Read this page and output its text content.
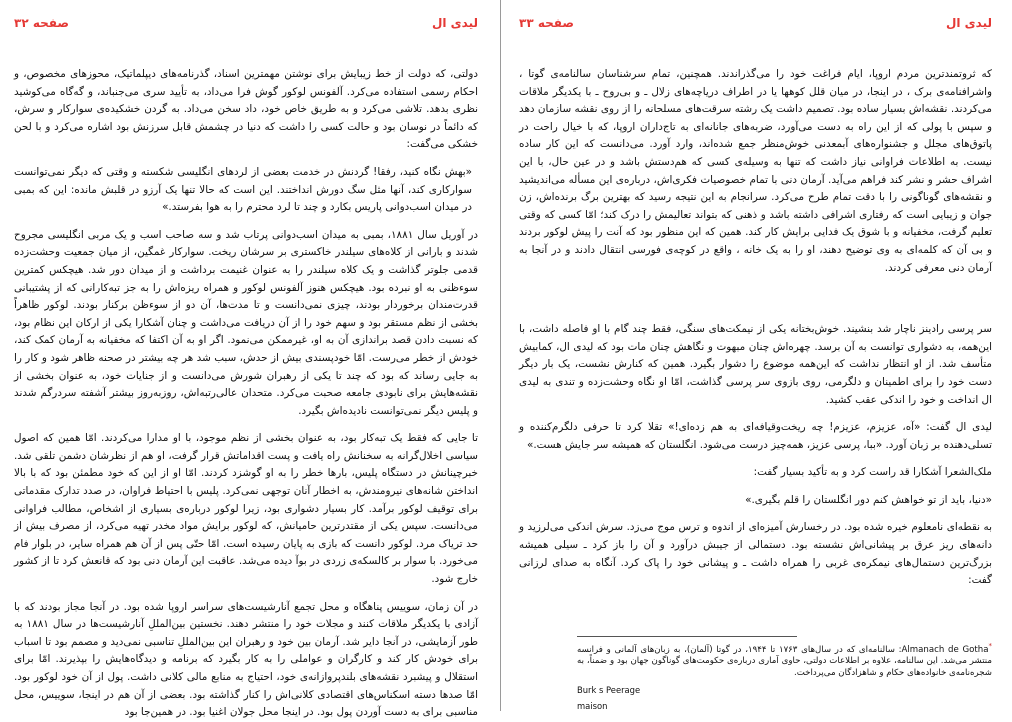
لیدی ال
صفحه ۳۲

دولتی، که دولت از خط زیبایش برای نوشتن مهمترین اسناد، گذرنامه‌های دیپلماتیک، محوزهای مخصوص، و احکام رسمی استفاده می‌کرد. آلفونس لوکور گوش فرا می‌داد، به تأیید سری می‌جنباند، و گه‌گاه می‌کوشید نظری بدهد. تلاشی می‌کرد و به طریق خاص خود، داد سخن می‌داد. به گردن خشکیده‌ی سوارکار و سرش، که دائماً در نوسان بود و حالت کسی را داشت که دنیا در چشمش قابل سرزنش بود اشاره می‌کرد و با لحن خشکی می‌گفت:

«بهش نگاه کنید، رفقا! گردنش در خدمت بعضی از لردهای انگلیسی شکسته و وقتی که دیگر نمی‌توانست سوارکاری کند، آنها مثل سگ دورش انداختند. این است که حالا تنها یک آرزو در قلبش مانده: این که بمبی در میدان اسب‌دوانی پاریس بکارد و چند تا لرد محترم را به هوا بفرستد.»

در آوریل سال ۱۸۸۱، بمبی به میدان اسب‌دوانی پرتاب شد و سه صاحب اسب و یک مربی انگلیسی مجروح شدند و بارانی از کلاه‌های سیلندر خاکستری بر سرشان ریخت. سوارکار غمگین، از میان جمعیت وحشت‌زده قدمی جلوتر گذاشت و یک کلاه سیلندر را به عنوان غنیمت برداشت و از میدان دور شد. هیچکس کمترین سوءظنی به او نبرده بود. هیچکس هنوز آلفونس لوکور و همراه ریزه‌اش را به جز تبه‌کارانی که از پشتیبانی قدرت‌مندان برخوردار بودند، چیزی نمی‌دانست و تا مدت‌ها، آن دو از سوءظن برکنار بودند. لوکور ظاهراً بخشی از نظم مستقر بود و سهم خود را از آن دریافت می‌داشت و چنان آشکارا یکی از ارکان این نظام بود، که نسبت دادن قصد براندازی آن به او، غیرممکن می‌نمود. اگر او به آن اکتفا که مخفیانه به آرمان کمک کند، خودش از خطر می‌رست. امّا خودپسندی بیش از حدش، سبب شد هر چه بیشتر در صحنه ظاهر شود و کار را به جایی رساند که بود که چند تا یکی از رهبران شورش می‌دانست و از جنایات خود، به عنوان بخشی از نقشه‌هایش برای نابودی جامعه صحبت می‌کرد. متحدان عالی‌رتبه‌اش، روزبه‌روز بیشتر آشفته سردرگم شدند و پلیس دیگر نمی‌توانست نادیده‌اش بگیرد.

تا جایی که فقط یک تبه‌کار بود، به عنوان بخشی از نظم موجود، با او مدارا می‌کردند. امّا همین که اصول سیاسی اخلال‌گرانه به سخنانش راه یافت و پست اقداماتش قرار گرفت، او هم از نظرشان دشمن تلقی شد. خبرچینانش در دستگاه پلیس، بارها خطر را به او گوشزد کردند. امّا او از این که خود مطمئن بود که با بالا انداختن شانه‌های نیرومندش، به اخطار آنان توجهی نمی‌کرد. پلیس با احتیاط فراوان، در صدد تدارک مقدماتی برای توقیف لوکور برآمد. کار بسیار دشواری بود، زیرا لوکور درباره‌ی بسیاری از اشخاص، مطالب فراوانی می‌دانست. سپس یکی از مقتدرترین حامیانش، که لوکور برایش مواد مخدر تهیه می‌کرد، از مصرف بیش از حد تریاک مرد. لوکور دانست که بازی به پایان رسیده است. امّا حتّی پس از آن هم همراه سایر، در بلوار فام می‌خورد. با سوار بر کالسکه‌ی زردی در بوآ دیده می‌شد. عاقبت این آرمان دنی بود که قانعش کرد تا از کشور خارج شود.

در آن زمان، سوییس پناهگاه و محل تجمع آنارشیست‌های سراسر اروپا شده بود. در آنجا مجاز بودند که با آزادی با یکدیگر ملاقات کنند و مجلات خود را منتشر دهند. نخستین بین‌المللِ آنارشیست‌ها در سال ۱۸۸۱ به طور آزمایشی، در آنجا دایر شد. آرمان بین خود و رهبران این بین‌المللِ تناسبی نمی‌دید و مصمم بود تا اسباب برای خودش کار کند و کارگران و عواملی را به کار بگیرد که برنامه و دیدگاه‌هایش را بپذیرند. امّا برای استقلال و پیشبرد نقشه‌های بلندپروازانه‌ی خود، احتیاج به منابع مالی کلانی داشت. پول از آن خود لوکور بود. امّا صدها دسته اسکناس‌های اقتصادی کلانی‌اش را کنار گذاشته بود. بعضی از آن هم در اینجا، سوییس، محل مناسبی برای به دست آوردن پول بود. در اینجا محل جولان اغنیا بود. در همین‌جا بود

لیدی ال
صفحه ۳۳

که ثروتمندترین مردم اروپا، ایام فراغت خود را می‌گذراندند. همچنین، تمام سرشناسان سالنامه‌ی گوتا ، واشرافنامه‌ی برک ، در اینجا، در میان قلل کوهها یا در اطراف دریاچه‌های زلال ـ و بی‌روح ـ با یکدیگر ملاقات می‌کردند. نقشه‌اش بسیار ساده بود. تصمیم داشت یک رشته سرقت‌های مسلحانه را از روی نقشه سازمان دهد و سپس با پولی که از این راه به دست می‌آورد، ضربه‌های جانانه‌ای به تاج‌داران اروپا، که با خیال راحت در پاتوق‌های مجلل و جشنواره‌های آبمعدنی خوش‌منظر جمع شده‌اند، وارد آورد. می‌دانست که این کار ساده نیست. به اطلاعات فراوانی نیاز داشت که تنها به وسیله‌ی کسی که هم‌دستش باشد و در عین حال، با این اشراف حشر و نشر کند فراهم می‌آید. آرمان دنی با تمام خصوصیات فکری‌اش، درباره‌ی این مسأله می‌اندیشید و نقشه‌های گوناگونی را با دقت تمام طرح می‌کرد. سرانجام به این نتیجه رسید که بهترین برگ برنده‌اش، زن جوان و زیبایی است که رفتاری اشرافی داشته باشد و ذهنی که بتواند تعالیمش را درک کند؛ امّا کسی که وقتی تعلیم گرفت، مخفیانه و با شوق یک فدایی برایش کار کند. همین که این منظور بود که آنت را پیش لوکور بردند و بی آن که کلمه‌ای به وی توضیح دهند، او را به یک خانه ، واقع در کوچه‌ی فورسی انتقال دادند و در آنجا به آرمان دنی معرفی کردند.

سر پرسی رادینز ناچار شد بنشیند. خوش‌بختانه یکی از نیمکت‌های سنگی، فقط چند گام با او فاصله داشت، با این‌همه، به دشواری توانست به آن برسد. چهره‌اش چنان مبهوت و نگاهش چنان مات بود که لیدی ال، کمابیش متأسف شد. از او انتظار نداشت که این‌همه موضوع را دشوار بگیرد. همین که کنارش نشست، یک بار دیگر دست خود را برای اطمینان و دلگرمی، روی بازوی سر پرسی گذاشت، امّا او نگاه وحشت‌زده و تندی به لیدی ال انداخت و خود را اندکی عقب کشید.

لیدی ال گفت: «آه، عزیزم، عزیزم! چه ریخت‌وقیافه‌ای به هم زده‌ای!» تقلا کرد تا حرفی دلگرم‌کننده و تسلی‌دهنده بر زبان آورد. «ببا، پرسی عزیز، همه‌چیز درست می‌شود. انگلستان که همیشه سر جایش هست.»

ملک‌الشعرا آشکارا قد راست کرد و به تأکید بسیار گفت:

«دنیا، باید از تو خواهش کنم دور انگلستان را قلم بگیری.»

به نقطه‌ای نامعلوم خیره شده بود. در رخسارش آمیزه‌ای از اندوه و ترس موج می‌زد. سرش اندکی می‌لرزید و دانه‌های ریز عرق بر پیشانی‌اش نشسته بود. دستمالی از جیبش درآورد و آن را باز کرد ـ سیلی همیشه بزرگ‌ترین دستمال‌های نیمکره‌ی غربی را همراه داشت ـ و پیشانی خود را پاک کرد. آنگاه به صدای لرزانی گفت:

*Almanach de Gotha: سالنامه‌ای که در سال‌های ۱۷۶۳ تا ۱۹۴۴، در گوتا (آلمان)، به زبان‌های آلمانی و فرانسه منتشر می‌شد. این سالنامه، علاوه بر اطلاعات دولتی، حاوی آماری درباره‌ی حکومت‌های گوناگون جهان بود و ضمناً، به شجره‌نامه‌ی خانواده‌های حکام و شاهزادگان می‌پرداخت.

Burk s Peerage

maison
